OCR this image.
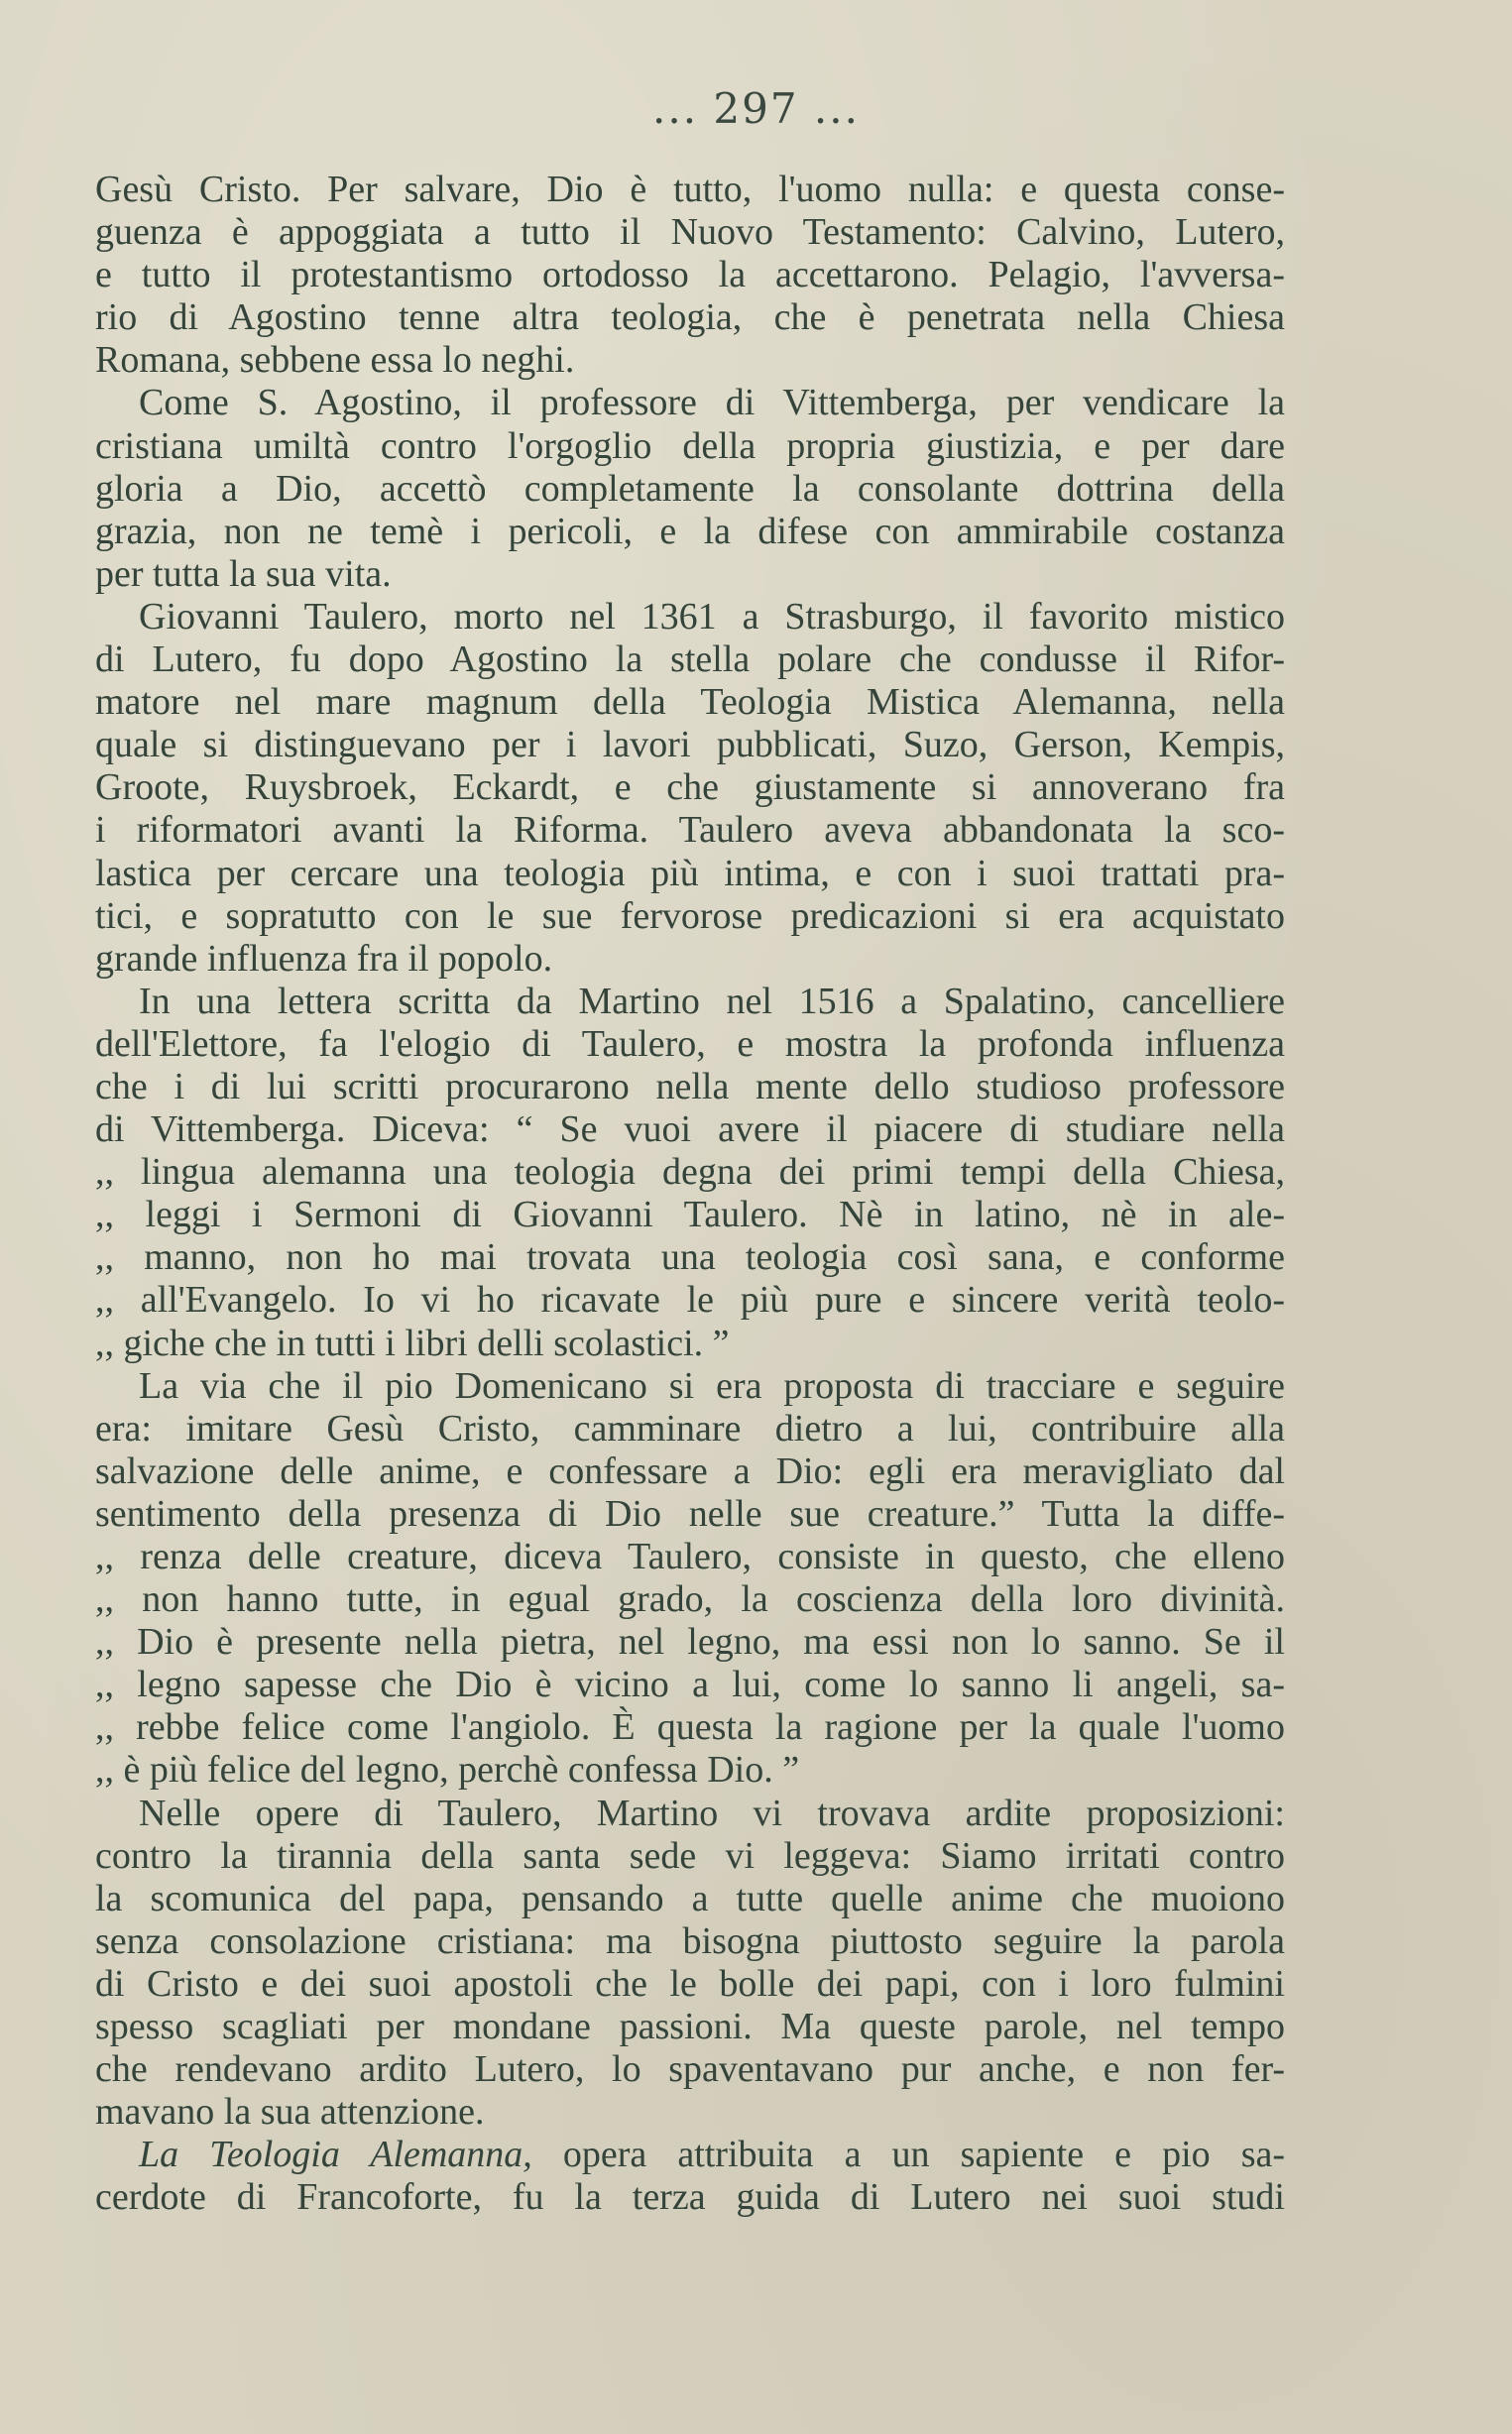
... 297 ...
Gesù Cristo. Per salvare, Dio è tutto, l'uomo nulla: e questa conse-
guenza è appoggiata a tutto il Nuovo Testamento: Calvino, Lutero,
e tutto il protestantismo ortodosso la accettarono. Pelagio, l'avversa-
rio di Agostino tenne altra teologia, che è penetrata nella Chiesa
Romana, sebbene essa lo neghi.
Come S. Agostino, il professore di Vittemberga, per vendicare la
cristiana umiltà contro l'orgoglio della propria giustizia, e per dare
gloria a Dio, accettò completamente la consolante dottrina della
grazia, non ne temè i pericoli, e la difese con ammirabile costanza
per tutta la sua vita.
Giovanni Taulero, morto nel 1361 a Strasburgo, il favorito mistico
di Lutero, fu dopo Agostino la stella polare che condusse il Rifor-
matore nel mare magnum della Teologia Mistica Alemanna, nella
quale si distinguevano per i lavori pubblicati, Suzo, Gerson, Kempis,
Groote, Ruysbroek, Eckardt, e che giustamente si annoverano fra
i riformatori avanti la Riforma. Taulero aveva abbandonata la sco-
lastica per cercare una teologia più intima, e con i suoi trattati pra-
tici, e sopratutto con le sue fervorose predicazioni si era acquistato
grande influenza fra il popolo.
In una lettera scritta da Martino nel 1516 a Spalatino, cancelliere
dell'Elettore, fa l'elogio di Taulero, e mostra la profonda influenza
che i di lui scritti procurarono nella mente dello studioso professore
di Vittemberga. Diceva: “ Se vuoi avere il piacere di studiare nella
,, lingua alemanna una teologia degna dei primi tempi della Chiesa,
,, leggi i Sermoni di Giovanni Taulero. Nè in latino, nè in ale-
,, manno, non ho mai trovata una teologia così sana, e conforme
,, all'Evangelo. Io vi ho ricavate le più pure e sincere verità teolo-
,, giche che in tutti i libri delli scolastici. ”
La via che il pio Domenicano si era proposta di tracciare e seguire
era: imitare Gesù Cristo, camminare dietro a lui, contribuire alla
salvazione delle anime, e confessare a Dio: egli era meravigliato dal
sentimento della presenza di Dio nelle sue creature.” Tutta la diffe-
,, renza delle creature, diceva Taulero, consiste in questo, che elleno
,, non hanno tutte, in egual grado, la coscienza della loro divinità.
,, Dio è presente nella pietra, nel legno, ma essi non lo sanno. Se il
,, legno sapesse che Dio è vicino a lui, come lo sanno li angeli, sa-
,, rebbe felice come l'angiolo. È questa la ragione per la quale l'uomo
,, è più felice del legno, perchè confessa Dio. ”
Nelle opere di Taulero, Martino vi trovava ardite proposizioni:
contro la tirannia della santa sede vi leggeva: Siamo irritati contro
la scomunica del papa, pensando a tutte quelle anime che muoiono
senza consolazione cristiana: ma bisogna piuttosto seguire la parola
di Cristo e dei suoi apostoli che le bolle dei papi, con i loro fulmini
spesso scagliati per mondane passioni. Ma queste parole, nel tempo
che rendevano ardito Lutero, lo spaventavano pur anche, e non fer-
mavano la sua attenzione.
La Teologia Alemanna, opera attribuita a un sapiente e pio sa-
cerdote di Francoforte, fu la terza guida di Lutero nei suoi studi
